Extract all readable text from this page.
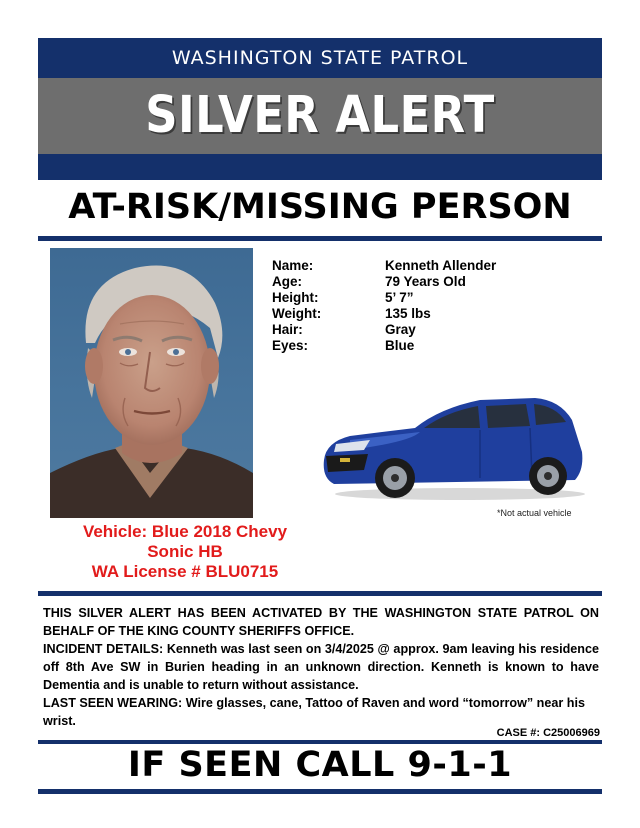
WASHINGTON STATE PATROL
SILVER ALERT
AT-RISK/MISSING PERSON
Name:	Kenneth Allender
Age:	79 Years Old
Height:	5’ 7”
Weight:	135 lbs
Hair:	Gray
Eyes:	Blue
*Not actual vehicle
Vehicle: Blue 2018 Chevy
Sonic HB
WA License # BLU0715

THIS SILVER ALERT HAS BEEN ACTIVATED BY THE WASHINGTON STATE PATROL ON BEHALF OF THE KING COUNTY SHERIFFS OFFICE.

INCIDENT DETAILS: Kenneth was last seen on 3/4/2025 @ approx. 9am leaving his residence off 8th Ave SW in Burien heading in an unknown direction. Kenneth is known to have Dementia and is unable to return without assistance.

LAST SEEN WEARING: Wire glasses, cane, Tattoo of Raven and word “tomorrow” near his wrist.

CASE #: C25006969
IF SEEN CALL 9-1-1
